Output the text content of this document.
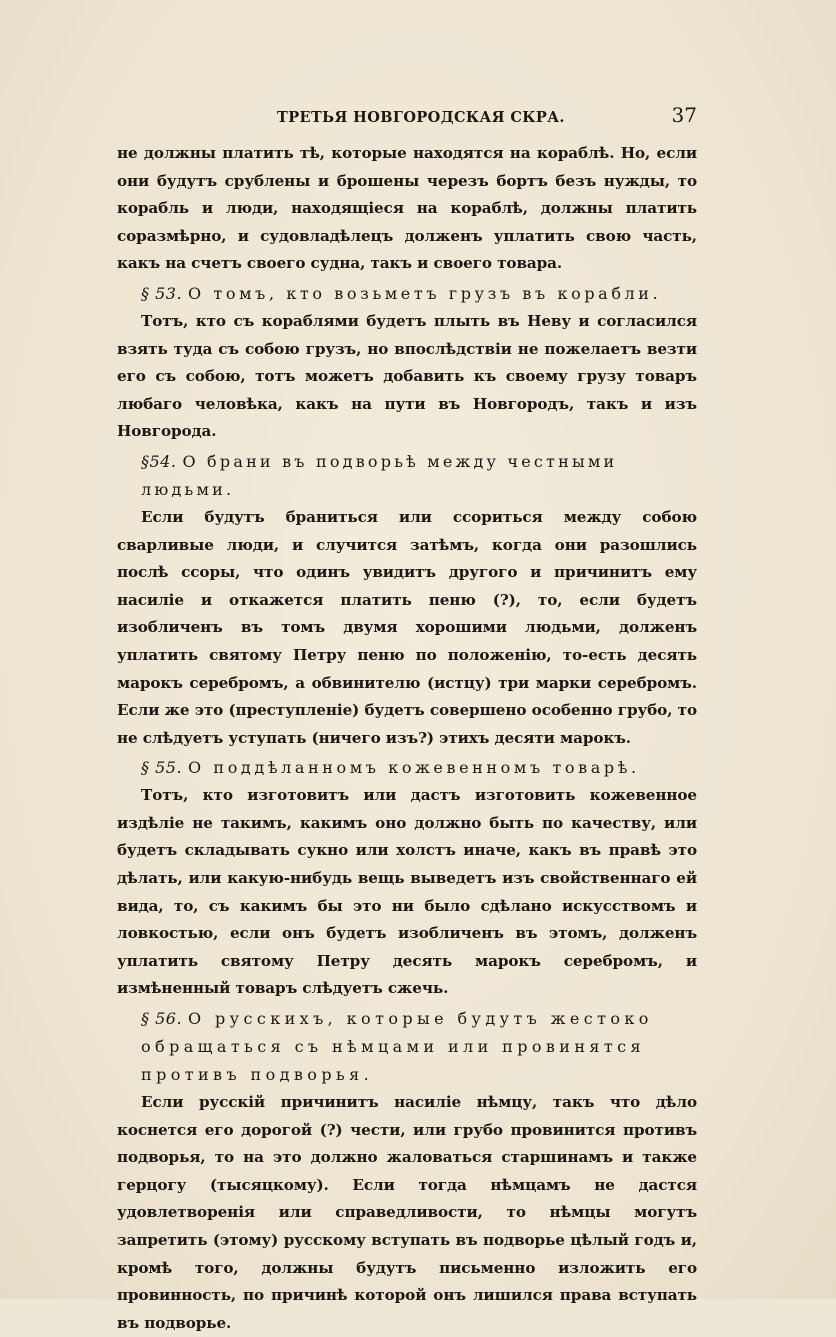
ТРЕТЬЯ НОВГОРОДСКАЯ СКРА.	37

не должны платить тѣ, которые находятся на кораблѣ. Но, если они будутъ срублены и брошены черезъ бортъ безъ нужды, то корабль и люди, находящіеся на кораблѣ, должны платить соразмѣрно, и судовладѣлецъ долженъ уплатить свою часть, какъ на счетъ своего судна, такъ и своего товара.

§ 53. О томъ, кто возьметъ грузъ въ корабли.

Тотъ, кто съ кораблями будетъ плыть въ Неву и согласился взять туда съ собою грузъ, но впослѣдствіи не пожелаетъ везти его съ собою, тотъ можетъ добавить къ своему грузу товаръ любаго человѣка, какъ на пути въ Новгородъ, такъ и изъ Новгорода.

§54. О брани въ подворьѣ между честными людьми.

Если будутъ браниться или ссориться между собою сварливые люди, и случится затѣмъ, когда они разошлись послѣ ссоры, что одинъ увидитъ другого и причинитъ ему насиліе и откажется платить пеню (?), то, если будетъ изобличенъ въ томъ двумя хорошими людьми, долженъ уплатить святому Петру пеню по положенію, то-есть десять марокъ серебромъ, а обвинителю (истцу) три марки серебромъ. Если же это (преступленіе) будетъ совершено особенно грубо, то не слѣдуетъ уступать (ничего изъ?) этихъ десяти марокъ.

§ 55. О поддѣланномъ кожевенномъ товарѣ.

Тотъ, кто изготовитъ или дастъ изготовить кожевенное издѣліе не такимъ, какимъ оно должно быть по качеству, или будетъ складывать сукно или холстъ иначе, какъ въ правѣ это дѣлать, или какую-нибудь вещь выведетъ изъ свойственнаго ей вида, то, съ какимъ бы это ни было сдѣлано искусствомъ и ловкостью, если онъ будетъ изобличенъ въ этомъ, долженъ уплатить святому Петру десять марокъ серебромъ, и измѣненный товаръ слѣдуетъ сжечь.

§ 56. О русскихъ, которые будутъ жестоко обращаться съ нѣмцами или провинятся противъ подворья.

Если русскій причинитъ насиліе нѣмцу, такъ что дѣло коснется его дорогой (?) чести, или грубо провинится противъ подворья, то на это должно жаловаться старшинамъ и также герцогу (тысяцкому). Если тогда нѣмцамъ не дастся удовлетворенія или справедливости, то нѣмцы могутъ запретить (этому) русскому вступать въ подворье цѣлый годъ и, кромѣ того, должны будутъ письменно изложить его провинность, по причинѣ которой онъ лишился права вступать въ подворье.
